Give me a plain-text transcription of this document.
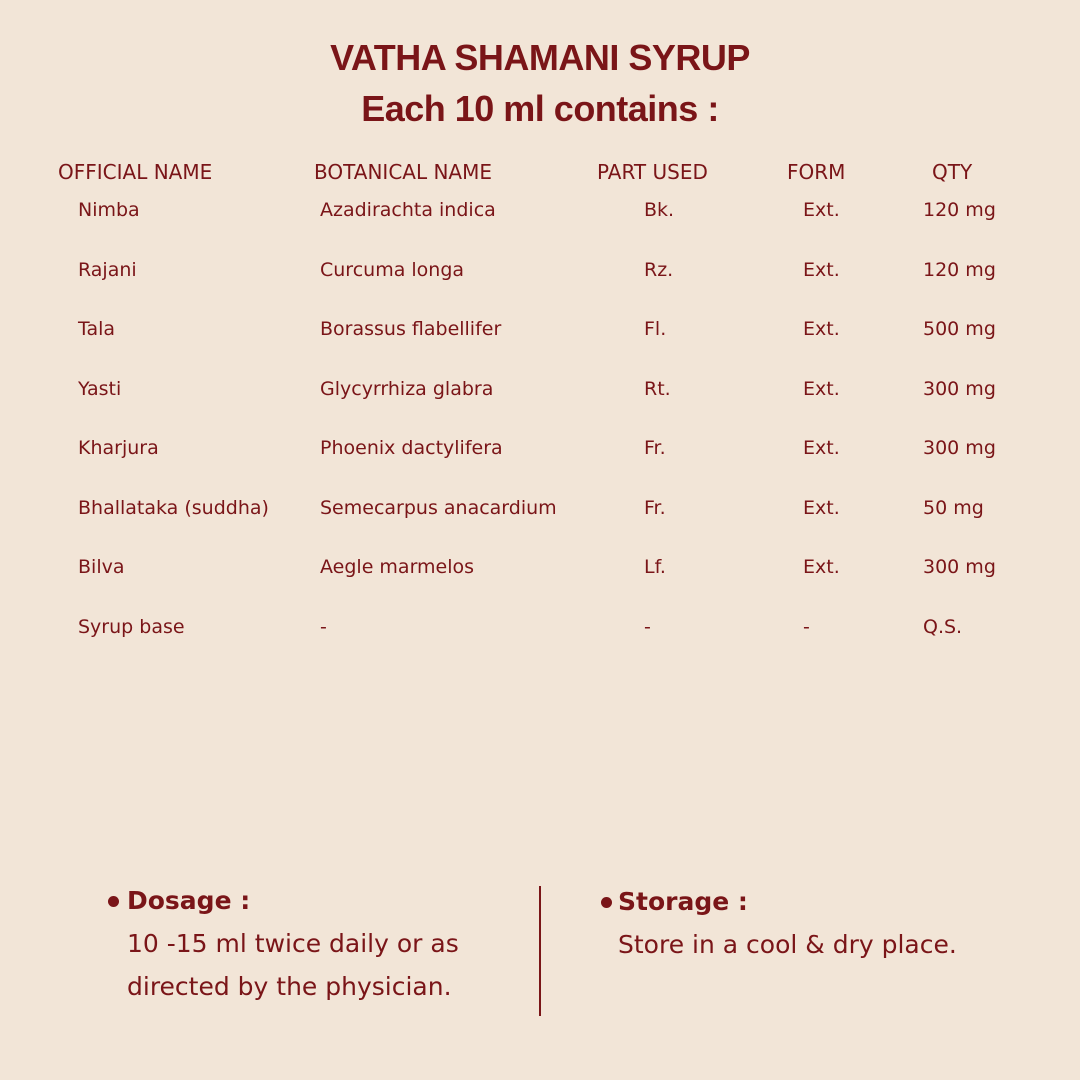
VATHA SHAMANI SYRUP
Each 10 ml contains :
OFFICIAL NAME	BOTANICAL NAME	PART USED	FORM	QTY
Nimba	Azadirachta indica	Bk.	Ext.	120 mg
Rajani	Curcuma longa	Rz.	Ext.	120 mg
Tala	Borassus flabellifer	Fl.	Ext.	500 mg
Yasti	Glycyrrhiza glabra	Rt.	Ext.	300 mg
Kharjura	Phoenix dactylifera	Fr.	Ext.	300 mg
Bhallataka (suddha)	Semecarpus anacardium	Fr.	Ext.	50 mg
Bilva	Aegle marmelos	Lf.	Ext.	300 mg
Syrup base	-	-	-	Q.S.
Dosage :
10 -15 ml twice daily or as
directed by the physician.
Storage :
Store in a cool & dry place.
